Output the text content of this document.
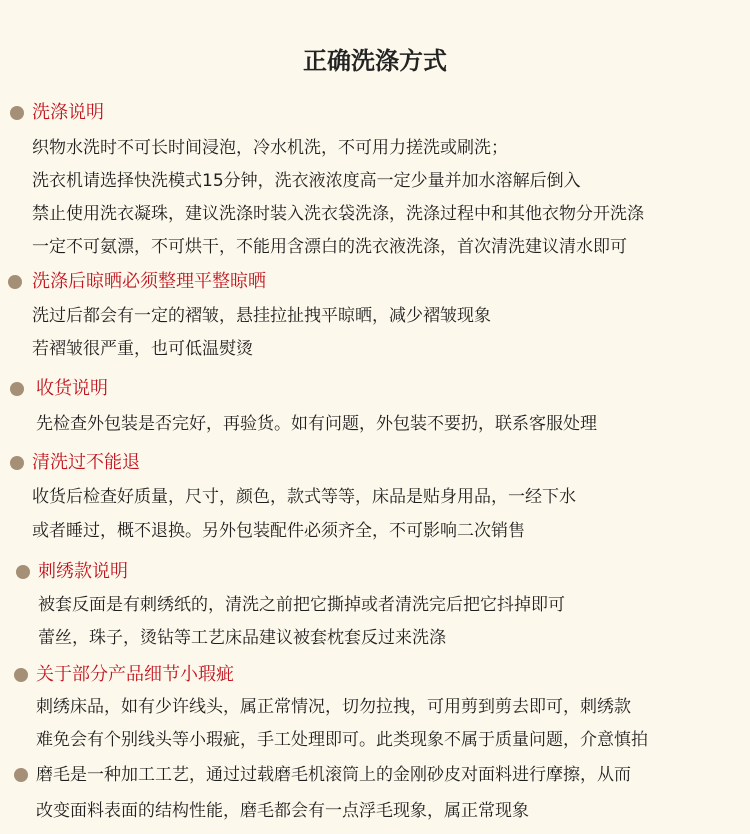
正确洗涤方式
洗涤说明
织物水洗时不可长时间浸泡，冷水机洗，不可用力搓洗或刷洗；
洗衣机请选择快洗模式15分钟，洗衣液浓度高一定少量并加水溶解后倒入
禁止使用洗衣凝珠，建议洗涤时装入洗衣袋洗涤，洗涤过程中和其他衣物分开洗涤
一定不可氨漂，不可烘干，不能用含漂白的洗衣液洗涤，首次清洗建议清水即可
洗涤后晾晒必须整理平整晾晒
洗过后都会有一定的褶皱，悬挂拉扯拽平晾晒，减少褶皱现象
若褶皱很严重，也可低温熨烫
收货说明
先检查外包装是否完好，再验货。如有问题，外包装不要扔，联系客服处理
清洗过不能退
收货后检查好质量，尺寸，颜色，款式等等，床品是贴身用品，一经下水
或者睡过，概不退换。另外包装配件必须齐全，不可影响二次销售
刺绣款说明
被套反面是有刺绣纸的，清洗之前把它撕掉或者清洗完后把它抖掉即可
蕾丝，珠子，烫钻等工艺床品建议被套枕套反过来洗涤
关于部分产品细节小瑕疵
刺绣床品，如有少许线头，属正常情况，切勿拉拽，可用剪到剪去即可，刺绣款
难免会有个别线头等小瑕疵，手工处理即可。此类现象不属于质量问题，介意慎拍
磨毛是一种加工工艺，通过过载磨毛机滚筒上的金刚砂皮对面料进行摩擦，从而
改变面料表面的结构性能，磨毛都会有一点浮毛现象，属正常现象
